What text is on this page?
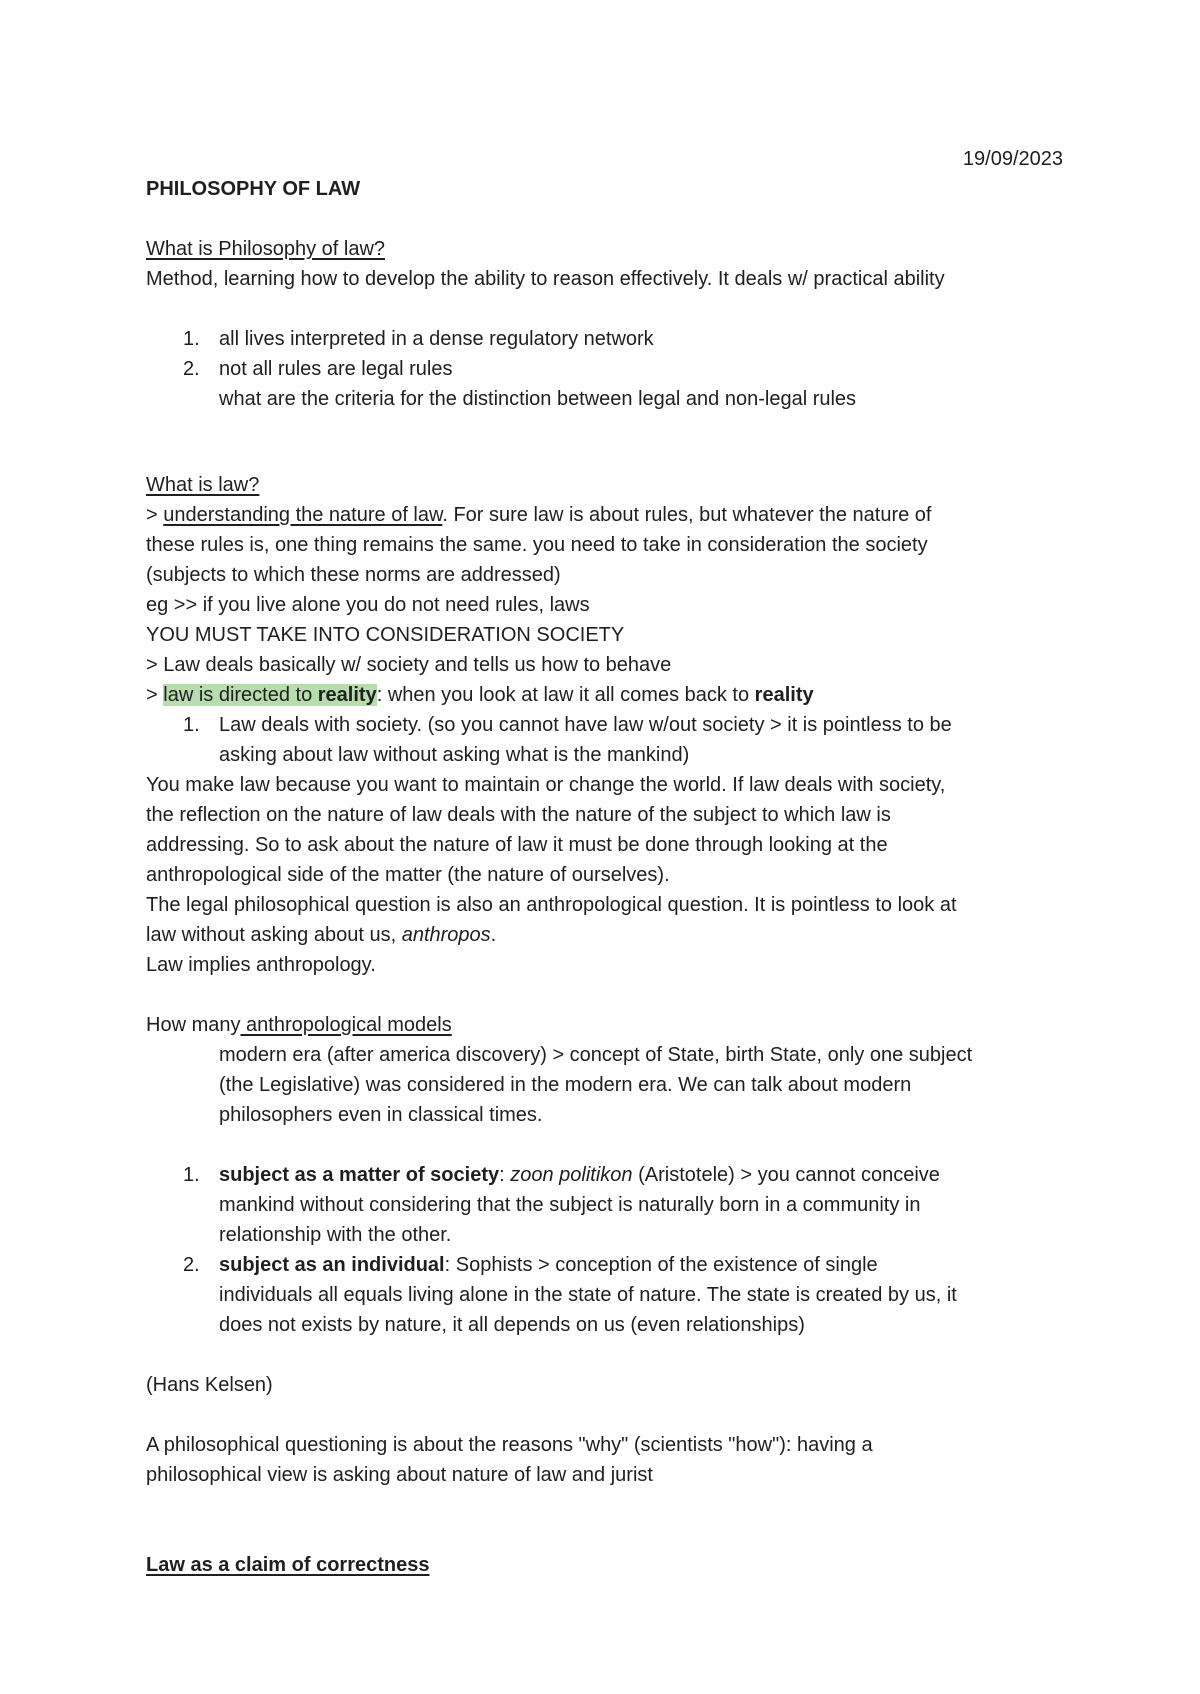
19/09/2023
PHILOSOPHY OF LAW
What is Philosophy of law?
Method, learning how to develop the ability to reason effectively. It deals w/ practical ability
1. all lives interpreted in a dense regulatory network
2. not all rules are legal rules
what are the criteria for the distinction between legal and non-legal rules
What is law?
> understanding the nature of law. For sure law is about rules, but whatever the nature of
these rules is, one thing remains the same. you need to take in consideration the society
(subjects to which these norms are addressed)
eg >> if you live alone you do not need rules, laws
YOU MUST TAKE INTO CONSIDERATION SOCIETY
> Law deals basically w/ society and tells us how to behave
> law is directed to reality: when you look at law it all comes back to reality
1. Law deals with society. (so you cannot have law w/out society > it is pointless to be
asking about law without asking what is the mankind)
You make law because you want to maintain or change the world. If law deals with society,
the reflection on the nature of law deals with the nature of the subject to which law is
addressing. So to ask about the nature of law it must be done through looking at the
anthropological side of the matter (the nature of ourselves).
The legal philosophical question is also an anthropological question. It is pointless to look at
law without asking about us, anthropos.
Law implies anthropology.
How many anthropological models
modern era (after america discovery) > concept of State, birth State, only one subject
(the Legislative) was considered in the modern era. We can talk about modern
philosophers even in classical times.
1. subject as a matter of society: zoon politikon (Aristotele) > you cannot conceive
mankind without considering that the subject is naturally born in a community in
relationship with the other.
2. subject as an individual: Sophists > conception of the existence of single
individuals all equals living alone in the state of nature. The state is created by us, it
does not exists by nature, it all depends on us (even relationships)
(Hans Kelsen)
A philosophical questioning is about the reasons "why" (scientists "how"): having a
philosophical view is asking about nature of law and jurist
Law as a claim of correctness
